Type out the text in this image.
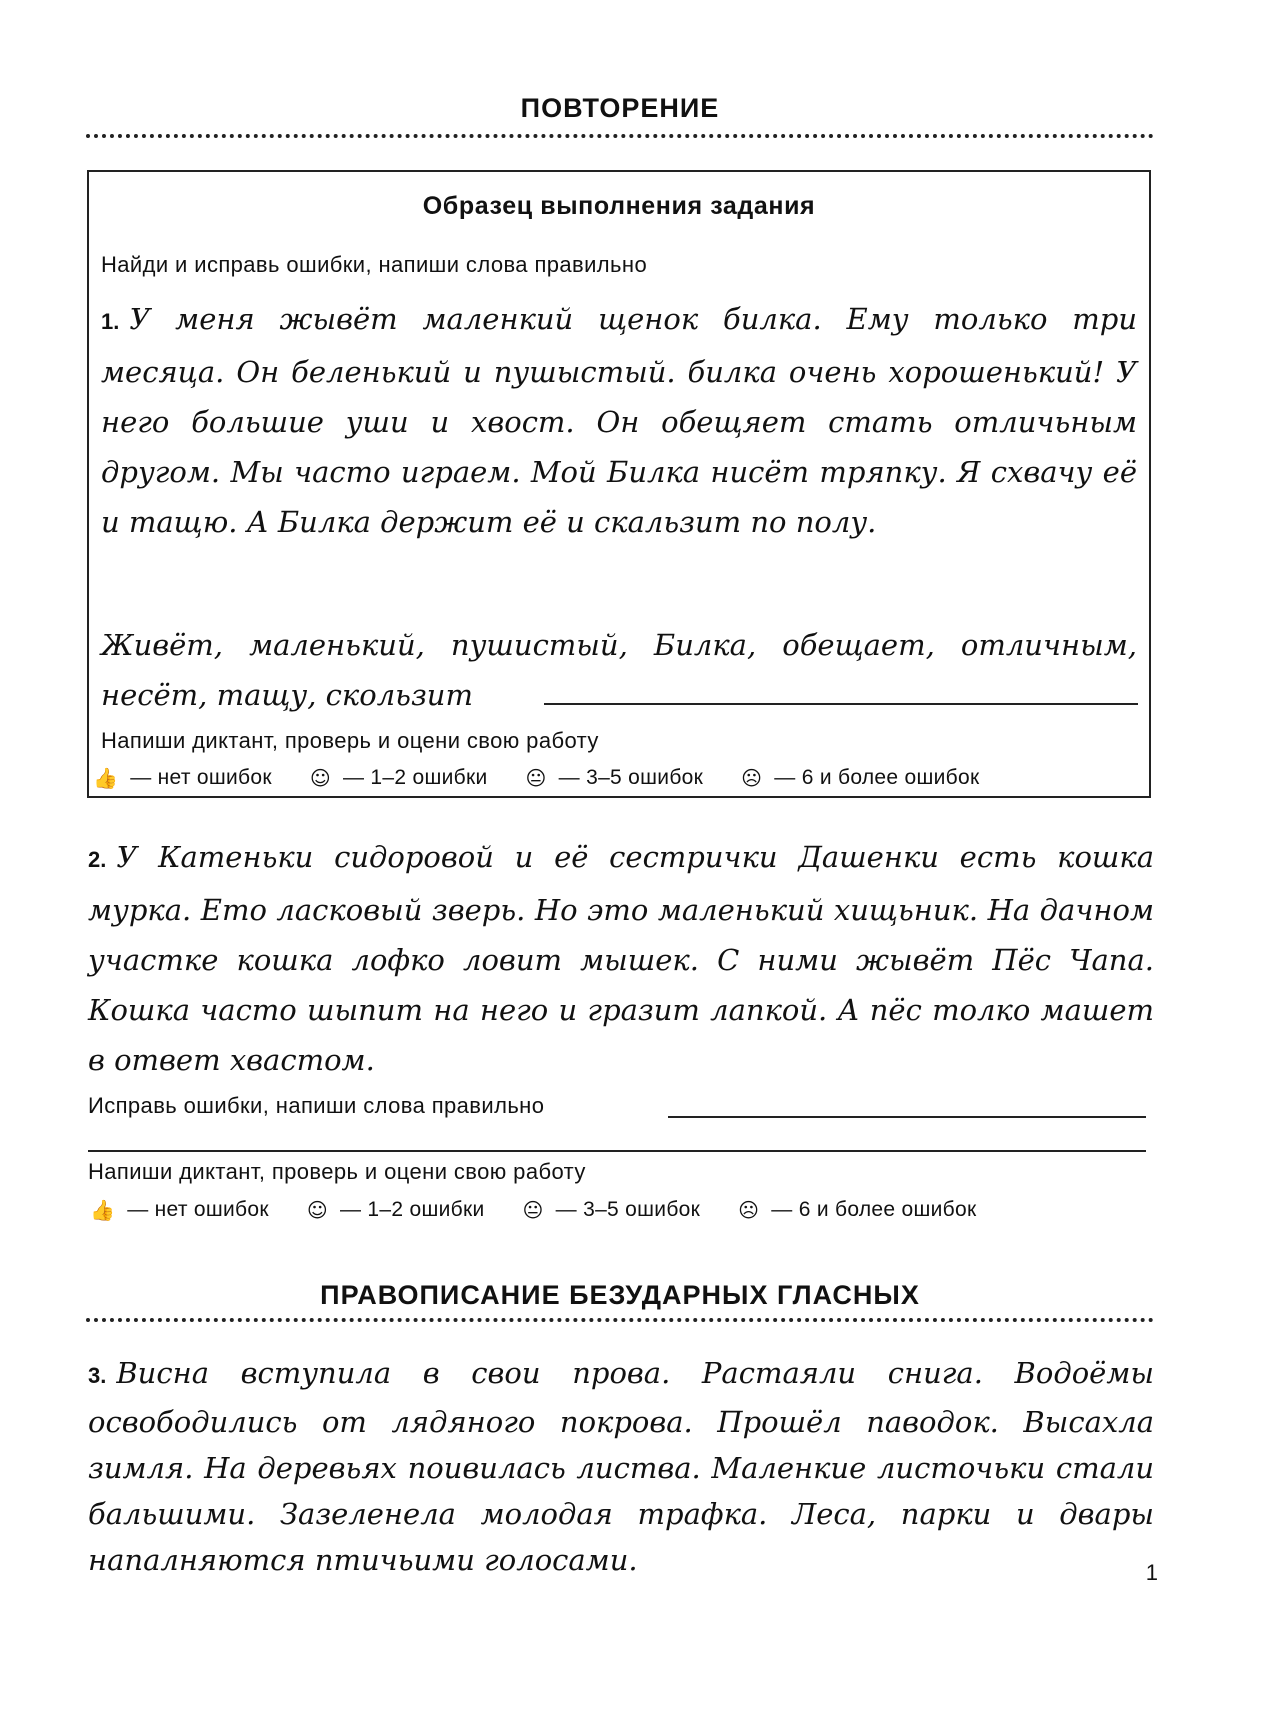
ПОВТОРЕНИЕ
Образец выполнения задания
Найди и исправь ошибки, напиши слова правильно
1. У меня жывёт маленкий щенок билка. Ему только три месяца. Он беленький и пушыстый. билка очень хорошенький! У него большие уши и хвост. Он обещяет стать отличьным другом. Мы часто играем. Мой Билка нисёт тряпку. Я схвачу её и тащю. А Билка держит её и скальзит по полу.
Живёт, маленький, пушистый, Билка, обещает, отличным, несёт, тащу, скользит
Напиши диктант, проверь и оцени свою работу
👍 — нет ошибок ☺ — 1–2 ошибки 😐 — 3–5 ошибок ☹ — 6 и более ошибок
2. У Катеньки сидоровой и её сестрички Дашенки есть кошка мурка. Ето ласковый зверь. Но это маленький хищьник. На дачном участке кошка лофко ловит мышек. С ними жывёт Пёс Чапа. Кошка часто шыпит на него и гразит лапкой. А пёс толко машет в ответ хвастом.
Исправь ошибки, напиши слова правильно
Напиши диктант, проверь и оцени свою работу
👍 — нет ошибок ☺ — 1–2 ошибки 😐 — 3–5 ошибок ☹ — 6 и более ошибок
ПРАВОПИСАНИЕ БЕЗУДАРНЫХ ГЛАСНЫХ
3. Висна вступила в свои прова. Растаяли снига. Водоёмы освободились от лядяного покрова. Прошёл паводок. Высахла зимля. На деревьях поивилась листва. Маленкие листочьки стали бальшими. Зазеленела молодая трафка. Леса, парки и двары напалняются птичьими голосами.	1
